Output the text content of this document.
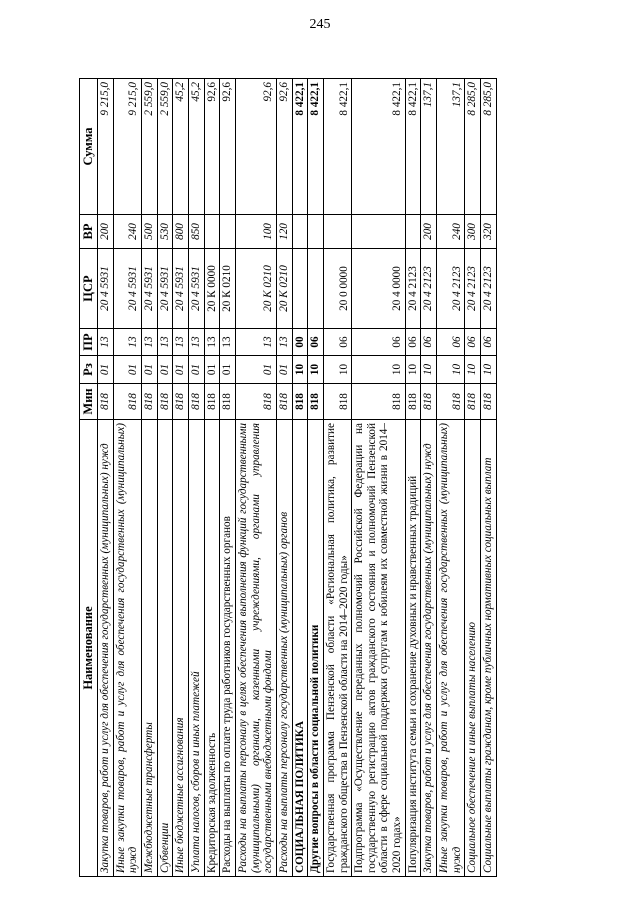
245
Наименование	Мин	Рз	ПР	ЦСР	ВР	Сумма
Закупка товаров, работ и услуг для обеспечения государственных (муниципальных) нужд	818	01	13	20 4 5931	200	9 215,0
Иные закупки товаров, работ и услуг для обеспечения государственных (муниципальных) нужд	818	01	13	20 4 5931	240	9 215,0
Межбюджетные трансферты	818	01	13	20 4 5931	500	2 559,0
Субвенции	818	01	13	20 4 5931	530	2 559,0
Иные бюджетные ассигнования	818	01	13	20 4 5931	800	45,2
Уплата налогов, сборов и иных платежей	818	01	13	20 4 5931	850	45,2
Кредиторская задолженность	818	01	13	20 К 0000		92,6
Расходы на выплаты по оплате труда работников государственных органов	818	01	13	20 К 0210		92,6
Расходы на выплаты персоналу в целях обеспечения выполнения функций государственными (муниципальными) органами, казенными учреждениями, органами управления государственными внебюджетными фондами	818	01	13	20 К 0210	100	92,6
Расходы на выплаты персоналу государственных (муниципальных) органов	818	01	13	20 К 0210	120	92,6
СОЦИАЛЬНАЯ ПОЛИТИКА	818	10	00			8 422,1
Другие вопросы в области социальной политики	818	10	06			8 422,1
Государственная программа Пензенской области «Региональная политика, развитие гражданского общества в Пензенской области на 2014–2020 годы»	818	10	06	20 0 0000		8 422,1
Подпрограмма «Осуществление переданных полномочий Российской Федерации на государственную регистрацию актов гражданского состояния и полномочий Пензенской области в сфере социальной поддержки супругам к юбилеям их совместной жизни в 2014–2020 годах»	818	10	06	20 4 0000		8 422,1
Популяризация института семьи и сохранение духовных и нравственных традиций	818	10	06	20 4 2123		8 422,1
Закупка товаров, работ и услуг для обеспечения государственных (муниципальных) нужд	818	10	06	20 4 2123	200	137,1
Иные закупки товаров, работ и услуг для обеспечения государственных (муниципальных) нужд	818	10	06	20 4 2123	240	137,1
Социальное обеспечение и иные выплаты населению	818	10	06	20 4 2123	300	8 285,0
Социальные выплаты гражданам, кроме публичных нормативных социальных выплат	818	10	06	20 4 2123	320	8 285,0
